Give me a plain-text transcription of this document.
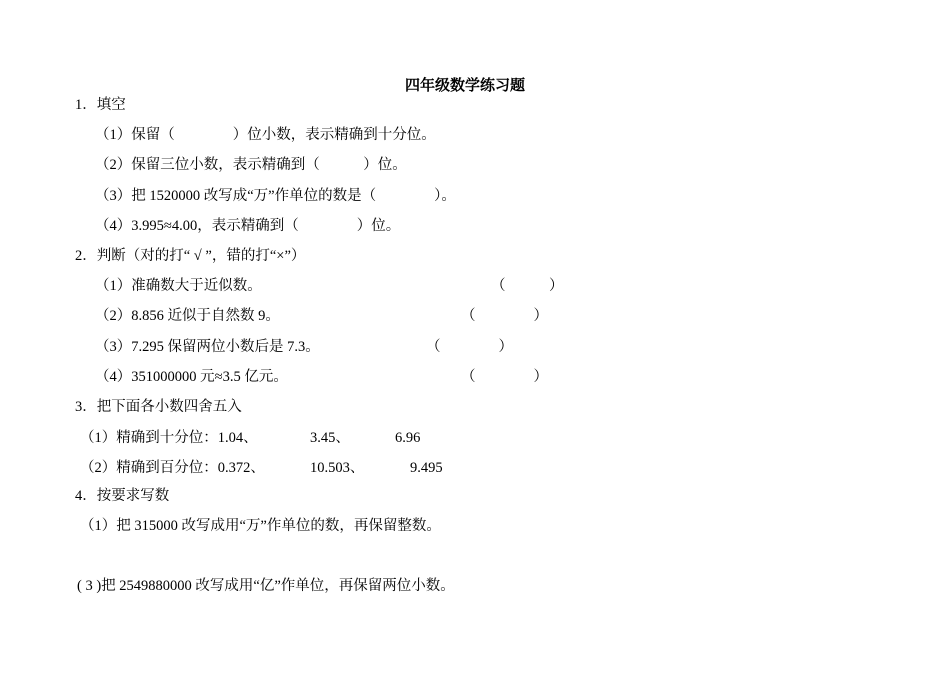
四年级数学练习题
1．填空
（1）保留（　　　　）位小数，表示精确到十分位。
（2）保留三位小数，表示精确到（　　　）位。
（3）把 1520000 改写成“万”作单位的数是（　　　　）。
（4）3.995≈4.00，表示精确到（　　　　）位。
2．判断（对的打“ √ ”，错的打“×”）
（1）准确数大于近似数。	（　　　）
（2）8.856 近似于自然数 9。	（　　　　）
（3）7.295 保留两位小数后是 7.3。	（　　　　）
（4）351000000 元≈3.5 亿元。	（　　　　）
3．把下面各小数四舍五入
（1）精确到十分位：1.04、	3.45、	6.96
（2）精确到百分位：0.372、	10.503、	9.495
4．按要求写数
（1）把 315000 改写成用“万”作单位的数，再保留整数。
( 3 )把 2549880000 改写成用“亿”作单位，再保留两位小数。
